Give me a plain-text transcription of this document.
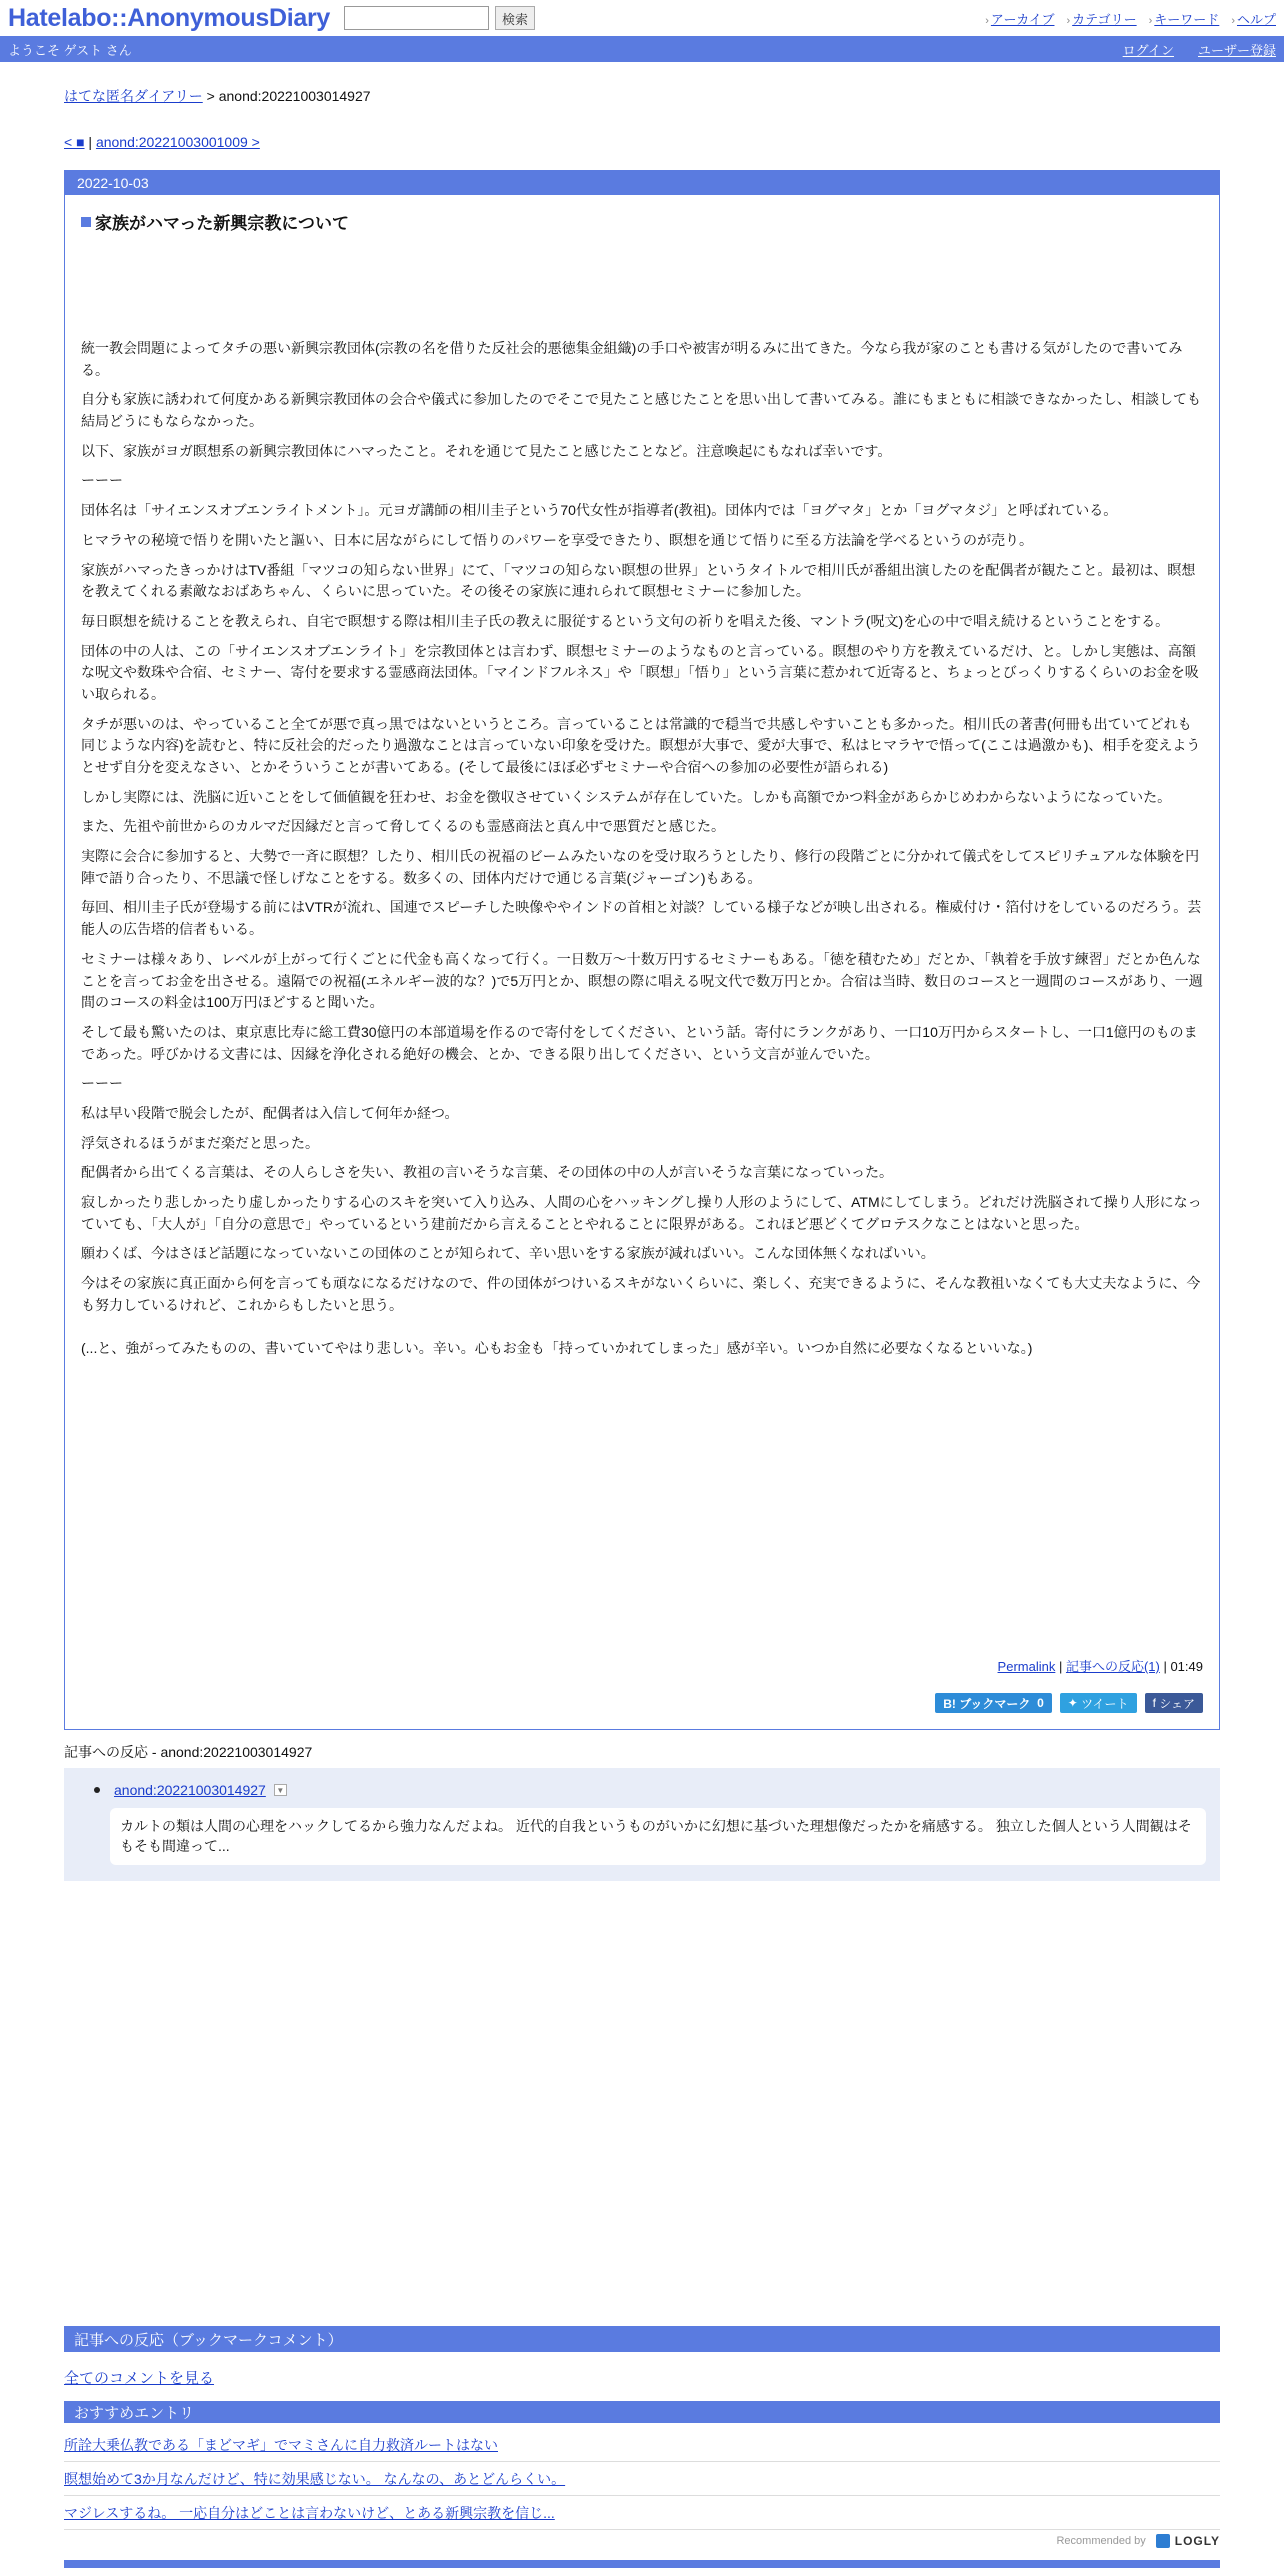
Hatelabo::AnonymousDiary	検索	› アーカイブ › カテゴリー › キーワード › ヘルプ
ようこそ ゲスト さん	ログイン ユーザー登録
はてな匿名ダイアリー > anond:20221003014927
< ■ | anond:20221003001009 >
2022-10-03
家族がハマった新興宗教について

統一教会問題によってタチの悪い新興宗教団体(宗教の名を借りた反社会的悪徳集金組織)の手口や被害が明るみに出てきた。今なら我が家のことも書ける気がしたので書いてみる。

自分も家族に誘われて何度かある新興宗教団体の会合や儀式に参加したのでそこで見たこと感じたことを思い出して書いてみる。誰にもまともに相談できなかったし、相談しても結局どうにもならなかった。

以下、家族がヨガ瞑想系の新興宗教団体にハマったこと。それを通じて見たこと感じたことなど。注意喚起にもなれば幸いです。

ーーー

団体名は「サイエンスオブエンライトメント」。元ヨガ講師の相川圭子という70代女性が指導者(教祖)。団体内では「ヨグマタ」とか「ヨグマタジ」と呼ばれている。

ヒマラヤの秘境で悟りを開いたと謳い、日本に居ながらにして悟りのパワーを享受できたり、瞑想を通じて悟りに至る方法論を学べるというのが売り。

家族がハマったきっかけはTV番組「マツコの知らない世界」にて、「マツコの知らない瞑想の世界」というタイトルで相川氏が番組出演したのを配偶者が観たこと。最初は、瞑想を教えてくれる素敵なおばあちゃん、くらいに思っていた。その後その家族に連れられて瞑想セミナーに参加した。

毎日瞑想を続けることを教えられ、自宅で瞑想する際は相川圭子氏の教えに服従するという文句の祈りを唱えた後、マントラ(呪文)を心の中で唱え続けるということをする。

団体の中の人は、この「サイエンスオブエンライト」を宗教団体とは言わず、瞑想セミナーのようなものと言っている。瞑想のやり方を教えているだけ、と。しかし実態は、高額な呪文や数珠や合宿、セミナー、寄付を要求する霊感商法団体。「マインドフルネス」や「瞑想」「悟り」という言葉に惹かれて近寄ると、ちょっとびっくりするくらいのお金を吸い取られる。

タチが悪いのは、やっていること全てが悪で真っ黒ではないというところ。言っていることは常識的で穏当で共感しやすいことも多かった。相川氏の著書(何冊も出ていてどれも同じような内容)を読むと、特に反社会的だったり過激なことは言っていない印象を受けた。瞑想が大事で、愛が大事で、私はヒマラヤで悟って(ここは過激かも)、相手を変えようとせず自分を変えなさい、とかそういうことが書いてある。(そして最後にほぼ必ずセミナーや合宿への参加の必要性が語られる)

しかし実際には、洗脳に近いことをして価値観を狂わせ、お金を徴収させていくシステムが存在していた。しかも高額でかつ料金があらかじめわからないようになっていた。

また、先祖や前世からのカルマだ因縁だと言って脅してくるのも霊感商法と真ん中で悪質だと感じた。

実際に会合に参加すると、大勢で一斉に瞑想？したり、相川氏の祝福のビームみたいなのを受け取ろうとしたり、修行の段階ごとに分かれて儀式をしてスピリチュアルな体験を円陣で語り合ったり、不思議で怪しげなことをする。数多くの、団体内だけで通じる言葉(ジャーゴン)もある。

毎回、相川圭子氏が登場する前にはVTRが流れ、国連でスピーチした映像ややインドの首相と対談？している様子などが映し出される。権威付け・箔付けをしているのだろう。芸能人の広告塔的信者もいる。

セミナーは様々あり、レベルが上がって行くごとに代金も高くなって行く。一日数万〜十数万円するセミナーもある。「徳を積むため」だとか、「執着を手放す練習」だとか色んなことを言ってお金を出させる。遠隔での祝福(エネルギー波的な？)で5万円とか、瞑想の際に唱える呪文代で数万円とか。合宿は当時、数日のコースと一週間のコースがあり、一週間のコースの料金は100万円ほどすると聞いた。

そして最も驚いたのは、東京恵比寿に総工費30億円の本部道場を作るので寄付をしてください、という話。寄付にランクがあり、一口10万円からスタートし、一口1億円のものまであった。呼びかける文書には、因縁を浄化される絶好の機会、とか、できる限り出してください、という文言が並んでいた。

ーーー

私は早い段階で脱会したが、配偶者は入信して何年か経つ。

浮気されるほうがまだ楽だと思った。

配偶者から出てくる言葉は、その人らしさを失い、教祖の言いそうな言葉、その団体の中の人が言いそうな言葉になっていった。

寂しかったり悲しかったり虚しかったりする心のスキを突いて入り込み、人間の心をハッキングし操り人形のようにして、ATMにしてしまう。どれだけ洗脳されて操り人形になっていても、「大人が」「自分の意思で」やっているという建前だから言えることとやれることに限界がある。これほど悪どくてグロテスクなことはないと思った。

願わくば、今はさほど話題になっていないこの団体のことが知られて、辛い思いをする家族が減ればいい。こんな団体無くなればいい。

今はその家族に真正面から何を言っても頑なになるだけなので、件の団体がつけいるスキがないくらいに、楽しく、充実できるように、そんな教祖いなくても大丈夫なように、今も努力しているけれど、これからもしたいと思う。

(...と、強がってみたものの、書いていてやはり悲しい。辛い。心もお金も「持っていかれてしまった」感が辛い。いつか自然に必要なくなるといいな。)

Permalink | 記事への反応(1) | 01:49
B! ブックマーク
0 ✦ ツイート f シェア
記事への反応 - anond:20221003014927
anond:20221003014927	▼
カルトの類は人間の心理をハックしてるから強力なんだよね。 近代的自我というものがいかに幻想に基づいた理想像だったかを痛感する。 独立した個人という人間観はそもそも間違って...
記事への反応（ブックマークコメント）
全てのコメントを見る
おすすめエントリ
所詮大乗仏教である「まどマギ」でマミさんに自力救済ルートはない
瞑想始めて3か月なんだけど、特に効果感じない。 なんなの、あとどんらくい。
マジレスするね。 一応自分はどことは言わないけど、とある新興宗教を信じ...
Recommended by LOGLY
